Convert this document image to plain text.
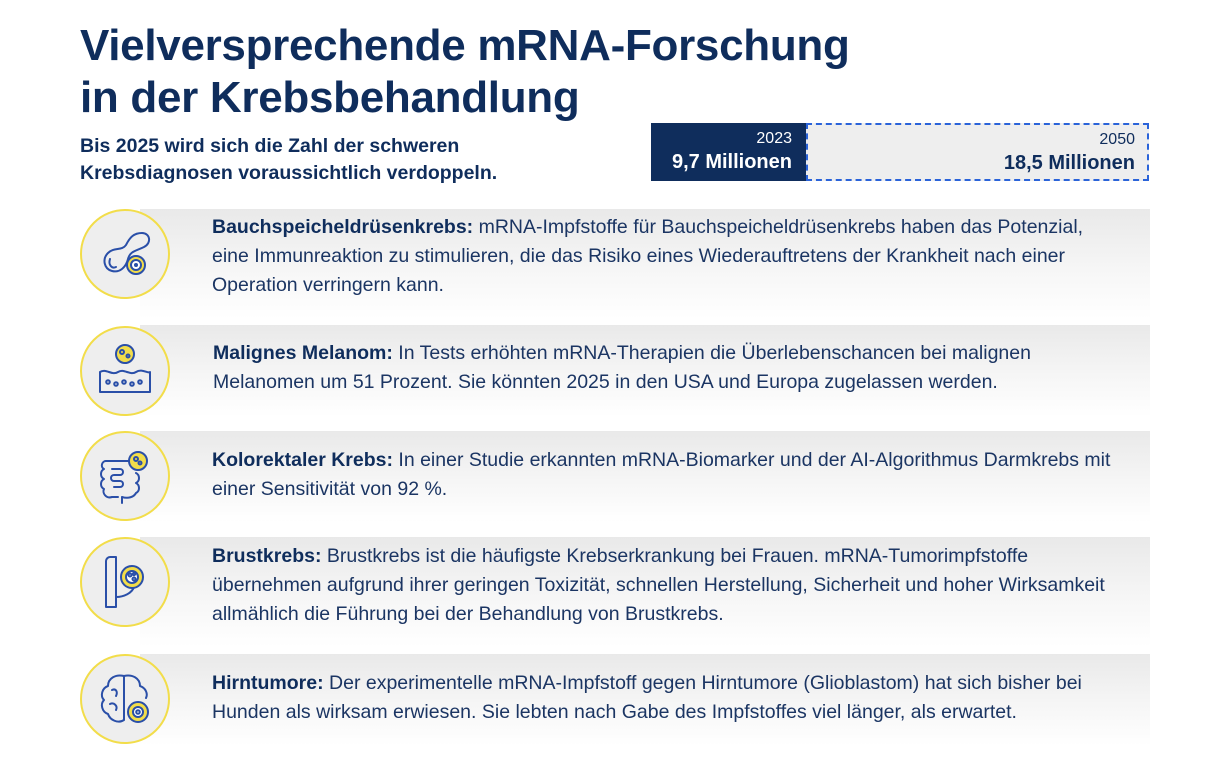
Vielversprechende mRNA-Forschung
in der Krebsbehandlung
Bis 2025 wird sich die Zahl der schweren
Krebsdiagnosen voraussichtlich verdoppeln.
2023
9,7 Millionen
2050
18,5 Millionen
Bauchspeicheldrüsenkrebs: mRNA-Impfstoffe für Bauchspeicheldrüsenkrebs haben das Potenzial, eine Immunreaktion zu stimulieren, die das Risiko eines Wiederauftretens der Krankheit nach einer Operation verringern kann.
Malignes Melanom: In Tests erhöhten mRNA-Therapien die Überlebenschancen bei malignen Melanomen um 51 Prozent. Sie könnten 2025 in den USA und Europa zugelassen werden.
Kolorektaler Krebs: In einer Studie erkannten mRNA-Biomarker und der AI-Algorithmus Darmkrebs mit einer Sensitivität von 92 %.
Brustkrebs: Brustkrebs ist die häufigste Krebserkrankung bei Frauen. mRNA-Tumorimpfstoffe übernehmen aufgrund ihrer geringen Toxizität, schnellen Herstellung, Sicherheit und hoher Wirksamkeit allmählich die Führung bei der Behandlung von Brustkrebs.
Hirntumore: Der experimentelle mRNA-Impfstoff gegen Hirntumore (Glioblastom) hat sich bisher bei Hunden als wirksam erwiesen. Sie lebten nach Gabe des Impfstoffes viel länger, als erwartet.
